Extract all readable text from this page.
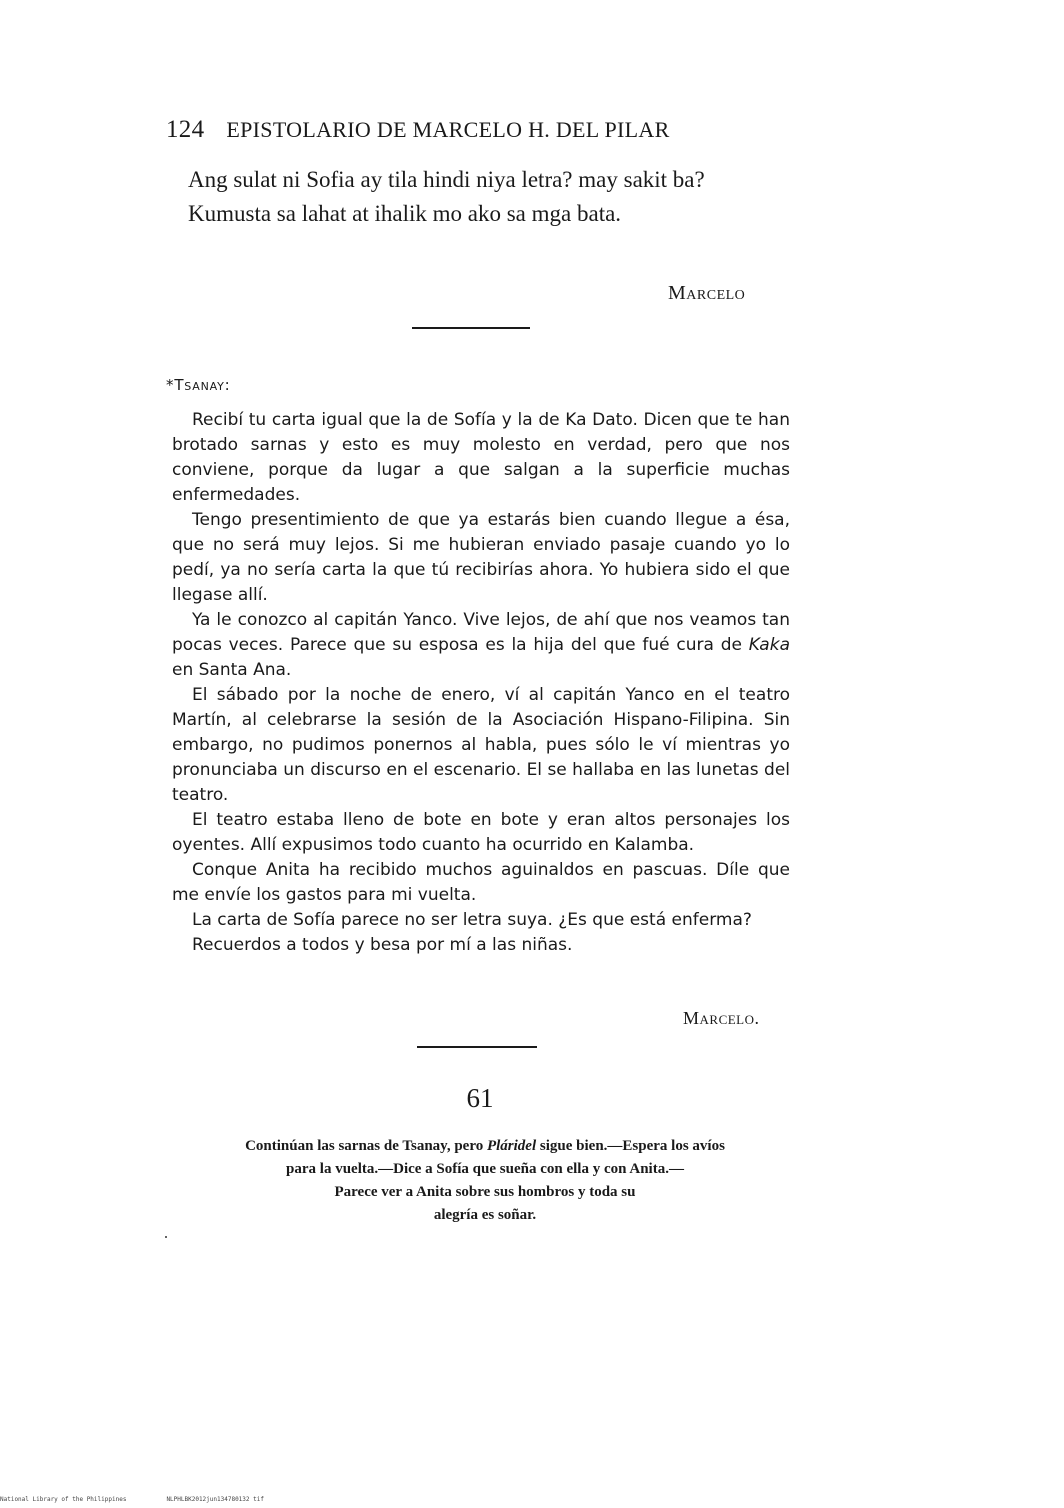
124 EPISTOLARIO DE MARCELO H. DEL PILAR

Ang sulat ni Sofia ay tila hindi niya letra? may sakit ba?

Kumusta sa lahat at ihalik mo ako sa mga bata.

Marcelo
*Tsanay:

Recibí tu carta igual que la de Sofía y la de Ka Dato. Dicen que te han brotado sarnas y esto es muy molesto en verdad, pero que nos conviene, porque da lugar a que salgan a la superficie muchas enfermedades.

Tengo presentimiento de que ya estarás bien cuando llegue a ésa, que no será muy lejos. Si me hubieran enviado pasaje cuando yo lo pedí, ya no sería carta la que tú recibirías ahora. Yo hubiera sido el que llegase allí.

Ya le conozco al capitán Yanco. Vive lejos, de ahí que nos veamos tan pocas veces. Parece que su esposa es la hija del que fué cura de Kaka en Santa Ana.

El sábado por la noche de enero, ví al capitán Yanco en el teatro Martín, al celebrarse la sesión de la Asociación Hispano-Filipina. Sin embargo, no pudimos ponernos al habla, pues sólo le ví mientras yo pronunciaba un discurso en el escenario. El se hallaba en las lunetas del teatro.

El teatro estaba lleno de bote en bote y eran altos personajes los oyentes. Allí expusimos todo cuanto ha ocurrido en Kalamba.

Conque Anita ha recibido muchos aguinaldos en pascuas. Díle que me envíe los gastos para mi vuelta.

La carta de Sofía parece no ser letra suya. ¿Es que está enferma?

Recuerdos a todos y besa por mí a las niñas.

Marcelo.
61
Continúan las sarnas de Tsanay, pero Pláridel sigue bien.—Espera los avíos
para la vuelta.—Dice a Sofía que sueña con ella y con Anita.—
Parece ver a Anita sobre sus hombros y toda su
alegría es soñar.
National Library of the Philippines	NLPHLBK2012jun134780132 tif
